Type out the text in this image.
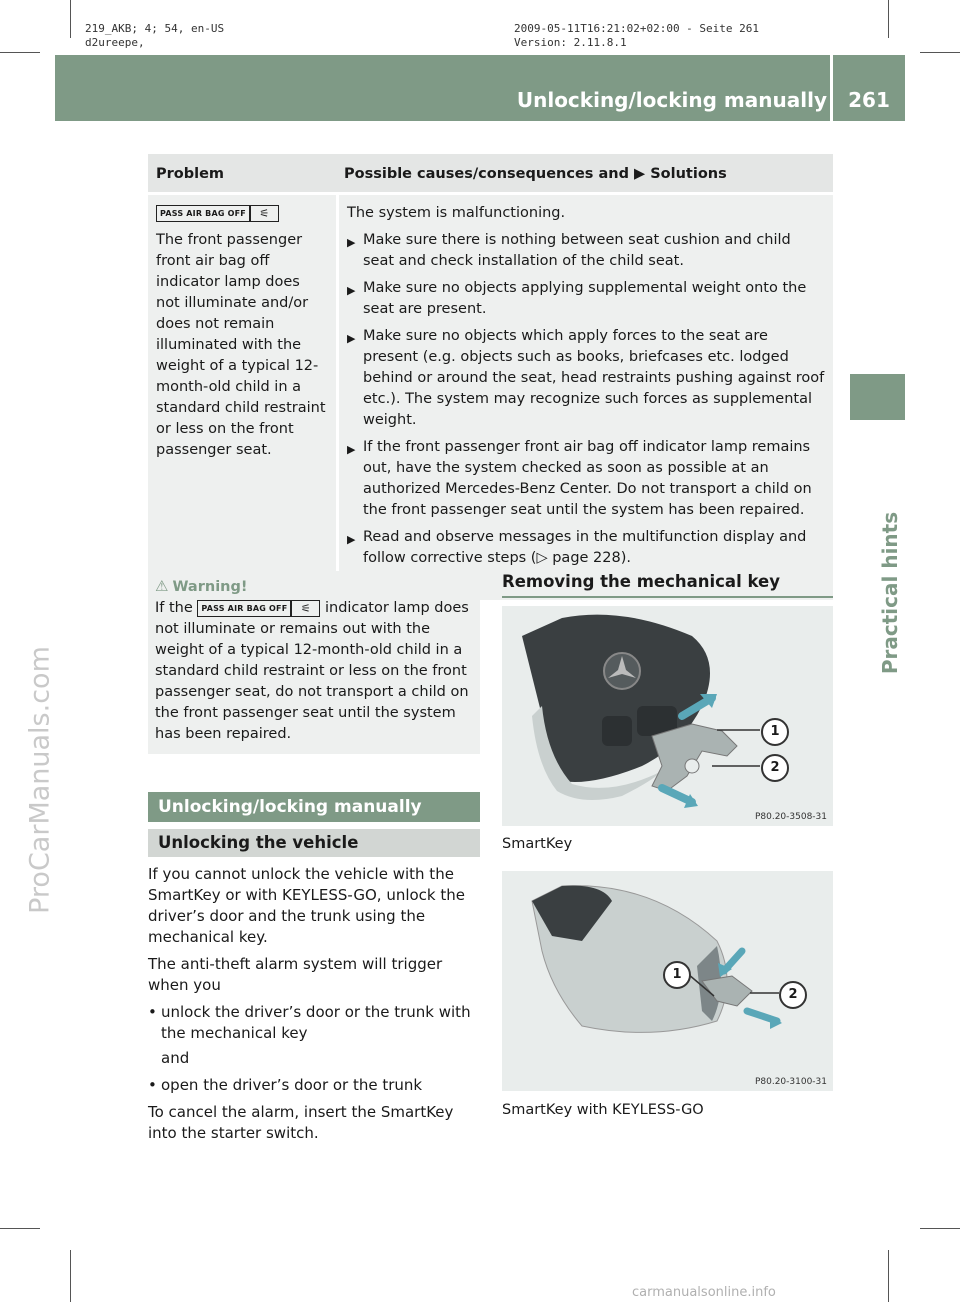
219_AKB; 4; 54, en-US
d2ureepe,
2009-05-11T16:21:02+02:00 - Seite 261
Version: 2.11.8.1
Unlocking/locking manually	261
Practical hints
ProCarManuals.com
carmanualsonline.info
Problem	Possible causes/consequences and ▶ Solutions
PASS AIR BAG OFF ⚟
The front passenger front air bag off indicator lamp does not illuminate and/or does not remain illuminated with the weight of a typical 12-month-old child in a standard child restraint or less on the front passenger seat.
The system is malfunctioning.
▶ Make sure there is nothing between seat cushion and child seat and check installation of the child seat.
▶ Make sure no objects applying supplemental weight onto the seat are present.
▶ Make sure no objects which apply forces to the seat are present (e.g. objects such as books, briefcases etc. lodged behind or around the seat, head restraints pushing against roof etc.). The system may recognize such forces as supplemental weight.
▶ If the front passenger front air bag off indicator lamp remains out, have the system checked as soon as possible at an authorized Mercedes-Benz Center. Do not transport a child on the front passenger seat until the system has been repaired.
▶ Read and observe messages in the multifunction display and follow corrective steps (▷ page 228).
⚠ Warning!
If the PASS AIR BAG OFF ⚟ indicator lamp does not illuminate or remains out with the weight of a typical 12-month-old child in a standard child restraint or less on the front passenger seat, do not transport a child on the front passenger seat until the system has been repaired.
Unlocking/locking manually
Unlocking the vehicle

If you cannot unlock the vehicle with the SmartKey or with KEYLESS-GO, unlock the driver’s door and the trunk using the mechanical key.

The anti-theft alarm system will trigger when you

• unlock the driver’s door or the trunk with the mechanical key
and
• open the driver’s door or the trunk

To cancel the alarm, insert the SmartKey into the starter switch.

Removing the mechanical key
1
2
P80.20-3508-31
SmartKey
1
2
P80.20-3100-31
SmartKey with KEYLESS-GO
